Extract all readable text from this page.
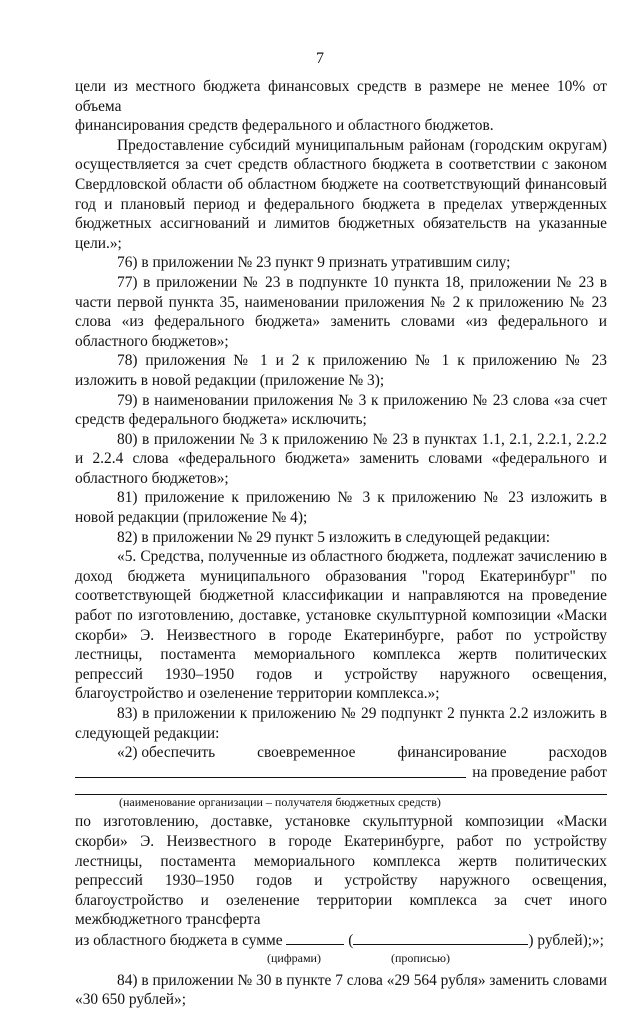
7
цели из местного бюджета финансовых средств в размере не менее 10% от объема
финансирования средств федерального и областного бюджетов.

Предоставление субсидий муниципальным районам (городским округам) осуществляется за счет средств областного бюджета в соответствии с законом Свердловской области об областном бюджете на соответствующий финансовый год и плановый период и федерального бюджета в пределах утвержденных бюджетных ассигнований и лимитов бюджетных обязательств на указанные цели.»;

76) в приложении № 23 пункт 9 признать утратившим силу;

77) в приложении № 23 в подпункте 10 пункта 18, приложении № 23 в части первой пункта 35, наименовании приложения № 2 к приложению № 23 слова «из федерального бюджета» заменить словами «из федерального и областного бюджетов»;

78) приложения № 1 и 2 к приложению № 1 к приложению № 23 изложить в новой редакции (приложение № 3);

79) в наименовании приложения № 3 к приложению № 23 слова «за счет средств федерального бюджета» исключить;

80) в приложении № 3 к приложению № 23 в пунктах 1.1, 2.1, 2.2.1, 2.2.2 и 2.2.4 слова «федерального бюджета» заменить словами «федерального и областного бюджетов»;

81) приложение к приложению № 3 к приложению № 23 изложить в новой редакции (приложение № 4);

82) в приложении № 29 пункт 5 изложить в следующей редакции:

«5. Средства, полученные из областного бюджета, подлежат зачислению в доход бюджета муниципального образования "город Екатеринбург" по соответствующей бюджетной классификации и направляются на проведение работ по изготовлению, доставке, установке скульптурной композиции «Маски скорби» Э. Неизвестного в городе Екатеринбурге, работ по устройству лестницы, постамента мемориального комплекса жертв политических репрессий 1930–1950 годов и устройству наружного освещения, благоустройство и озеленение территории комплекса.»;

83) в приложении к приложению № 29 подпункт 2 пункта 2.2 изложить в следующей редакции:

«2) обеспечить	своевременное	финансирование	расходов
на проведение работ
(наименование организации – получателя бюджетных средств)

по изготовлению, доставке, установке скульптурной композиции «Маски скорби» Э. Неизвестного в городе Екатеринбурге, работ по устройству лестницы, постамента мемориального комплекса жертв политических репрессий 1930–1950 годов и устройству наружного освещения, благоустройство и озеленение территории комплекса за счет иного межбюджетного трансферта

из областного бюджета в сумме	(	) рублей);»;
(цифрами)	(прописью)

84) в приложении № 30 в пункте 7 слова «29 564 рубля» заменить словами «30 650 рублей»;
